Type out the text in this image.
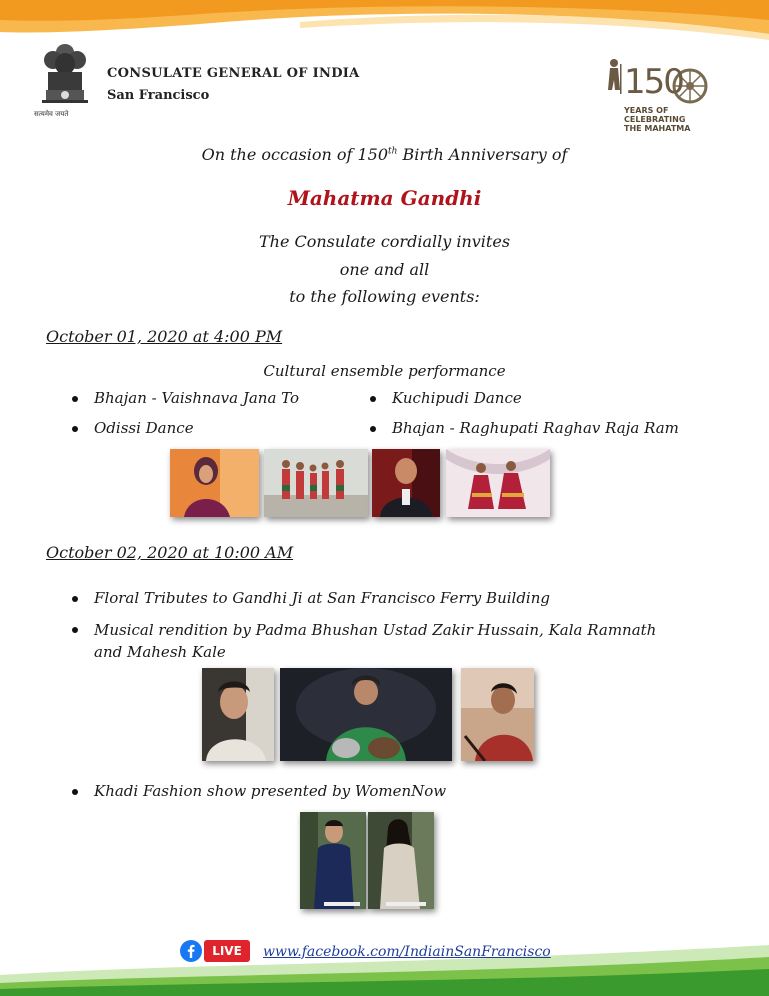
सत्यमेव जयते
CONSULATE GENERAL OF INDIA
San Francisco	150
YEARS OF
CELEBRATING
THE MAHATMA
On the occasion of 150th Birth Anniversary of
Mahatma Gandhi
The Consulate cordially invites
one and all
to the following events:
October 01, 2020 at 4:00 PM
Cultural ensemble performance
Bhajan - Vaishnava Jana To
Odissi Dance
Kuchipudi Dance
Bhajan - Raghupati Raghav Raja Ram
October 02, 2020 at 10:00 AM
Floral Tributes to Gandhi Ji at San Francisco Ferry Building
Musical rendition by Padma Bhushan Ustad Zakir Hussain, Kala Ramnath and Mahesh Kale
Khadi Fashion show presented by WomenNow
LIVE	www.facebook.com/IndiainSanFrancisco
